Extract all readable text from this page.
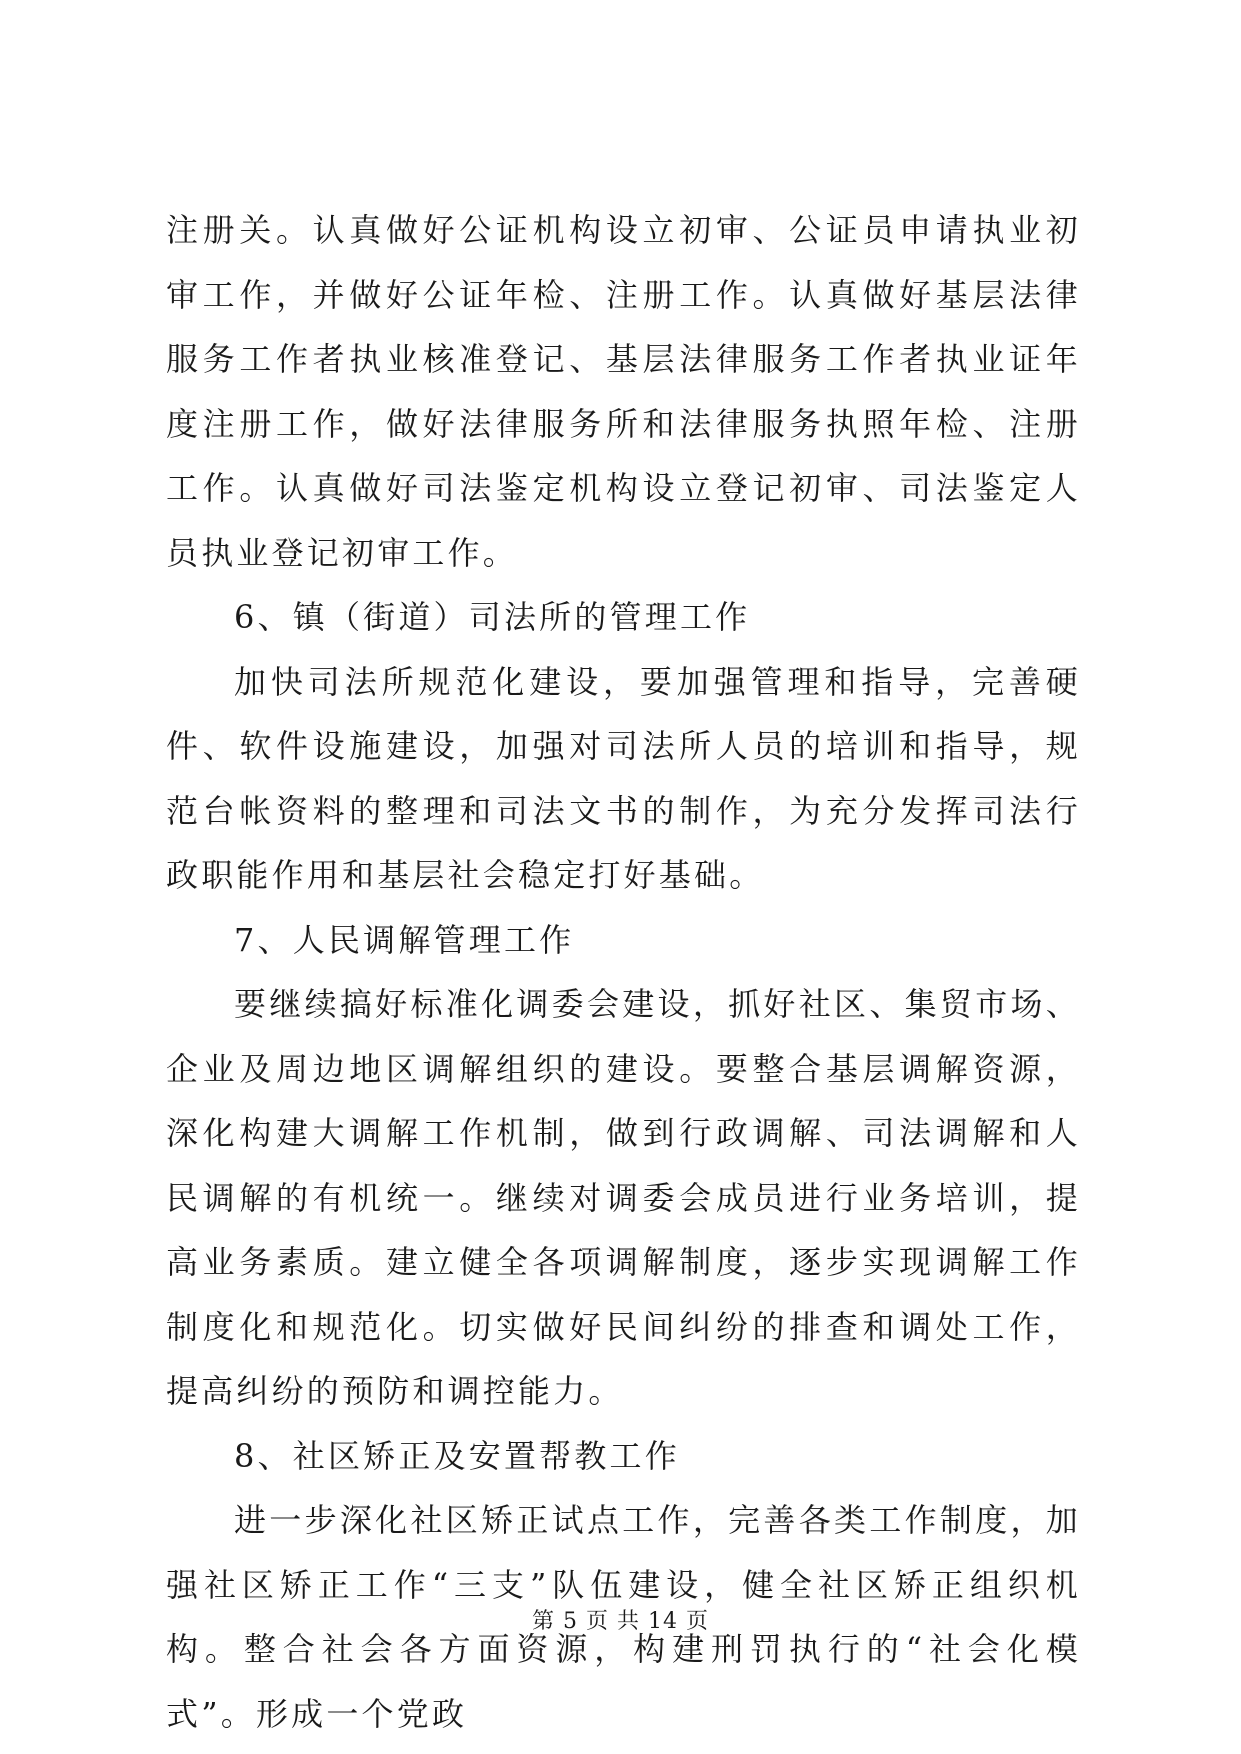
注册关。认真做好公证机构设立初审、公证员申请执业初审工作，并做好公证年检、注册工作。认真做好基层法律服务工作者执业核准登记、基层法律服务工作者执业证年度注册工作，做好法律服务所和法律服务执照年检、注册工作。认真做好司法鉴定机构设立登记初审、司法鉴定人员执业登记初审工作。

6、镇（街道）司法所的管理工作

加快司法所规范化建设，要加强管理和指导，完善硬件、软件设施建设，加强对司法所人员的培训和指导，规范台帐资料的整理和司法文书的制作，为充分发挥司法行政职能作用和基层社会稳定打好基础。

7、人民调解管理工作

要继续搞好标准化调委会建设，抓好社区、集贸市场、企业及周边地区调解组织的建设。要整合基层调解资源，深化构建大调解工作机制，做到行政调解、司法调解和人民调解的有机统一。继续对调委会成员进行业务培训，提高业务素质。建立健全各项调解制度，逐步实现调解工作制度化和规范化。切实做好民间纠纷的排查和调处工作，提高纠纷的预防和调控能力。

8、社区矫正及安置帮教工作

进一步深化社区矫正试点工作，完善各类工作制度，加强社区矫正工作“三支”队伍建设，健全社区矫正组织机构。整合社会各方面资源，构建刑罚执行的“社会化模式”。形成一个党政

第 5 页 共 14 页
